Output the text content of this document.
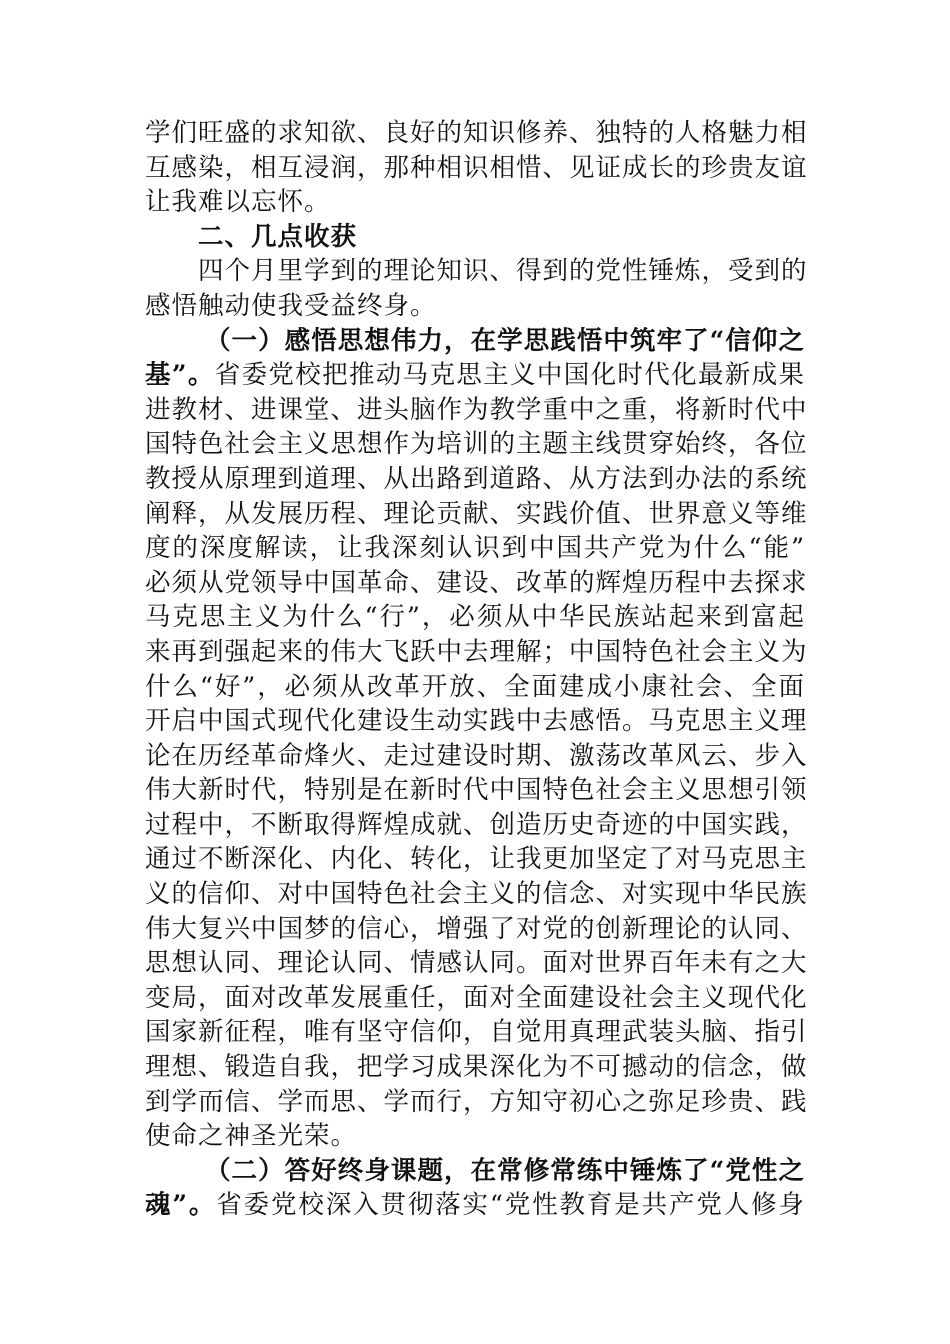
学们旺盛的求知欲、良好的知识修养、独特的人格魅力相
互感染，相互浸润，那种相识相惜、见证成长的珍贵友谊
让我难以忘怀。
二、几点收获
四个月里学到的理论知识、得到的党性锤炼，受到的
感悟触动使我受益终身。
（一）感悟思想伟力，在学思践悟中筑牢了“信仰之
基”。省委党校把推动马克思主义中国化时代化最新成果
进教材、进课堂、进头脑作为教学重中之重，将新时代中
国特色社会主义思想作为培训的主题主线贯穿始终，各位
教授从原理到道理、从出路到道路、从方法到办法的系统
阐释，从发展历程、理论贡献、实践价值、世界意义等维
度的深度解读，让我深刻认识到中国共产党为什么“能”
必须从党领导中国革命、建设、改革的辉煌历程中去探求
马克思主义为什么“行”，必须从中华民族站起来到富起
来再到强起来的伟大飞跃中去理解；中国特色社会主义为
什么“好”，必须从改革开放、全面建成小康社会、全面
开启中国式现代化建设生动实践中去感悟。马克思主义理
论在历经革命烽火、走过建设时期、激荡改革风云、步入
伟大新时代，特别是在新时代中国特色社会主义思想引领
过程中，不断取得辉煌成就、创造历史奇迹的中国实践，
通过不断深化、内化、转化，让我更加坚定了对马克思主
义的信仰、对中国特色社会主义的信念、对实现中华民族
伟大复兴中国梦的信心，增强了对党的创新理论的认同、
思想认同、理论认同、情感认同。面对世界百年未有之大
变局，面对改革发展重任，面对全面建设社会主义现代化
国家新征程，唯有坚守信仰，自觉用真理武装头脑、指引
理想、锻造自我，把学习成果深化为不可撼动的信念，做
到学而信、学而思、学而行，方知守初心之弥足珍贵、践
使命之神圣光荣。
（二）答好终身课题，在常修常练中锤炼了“党性之
魂”。省委党校深入贯彻落实“党性教育是共产党人修身
